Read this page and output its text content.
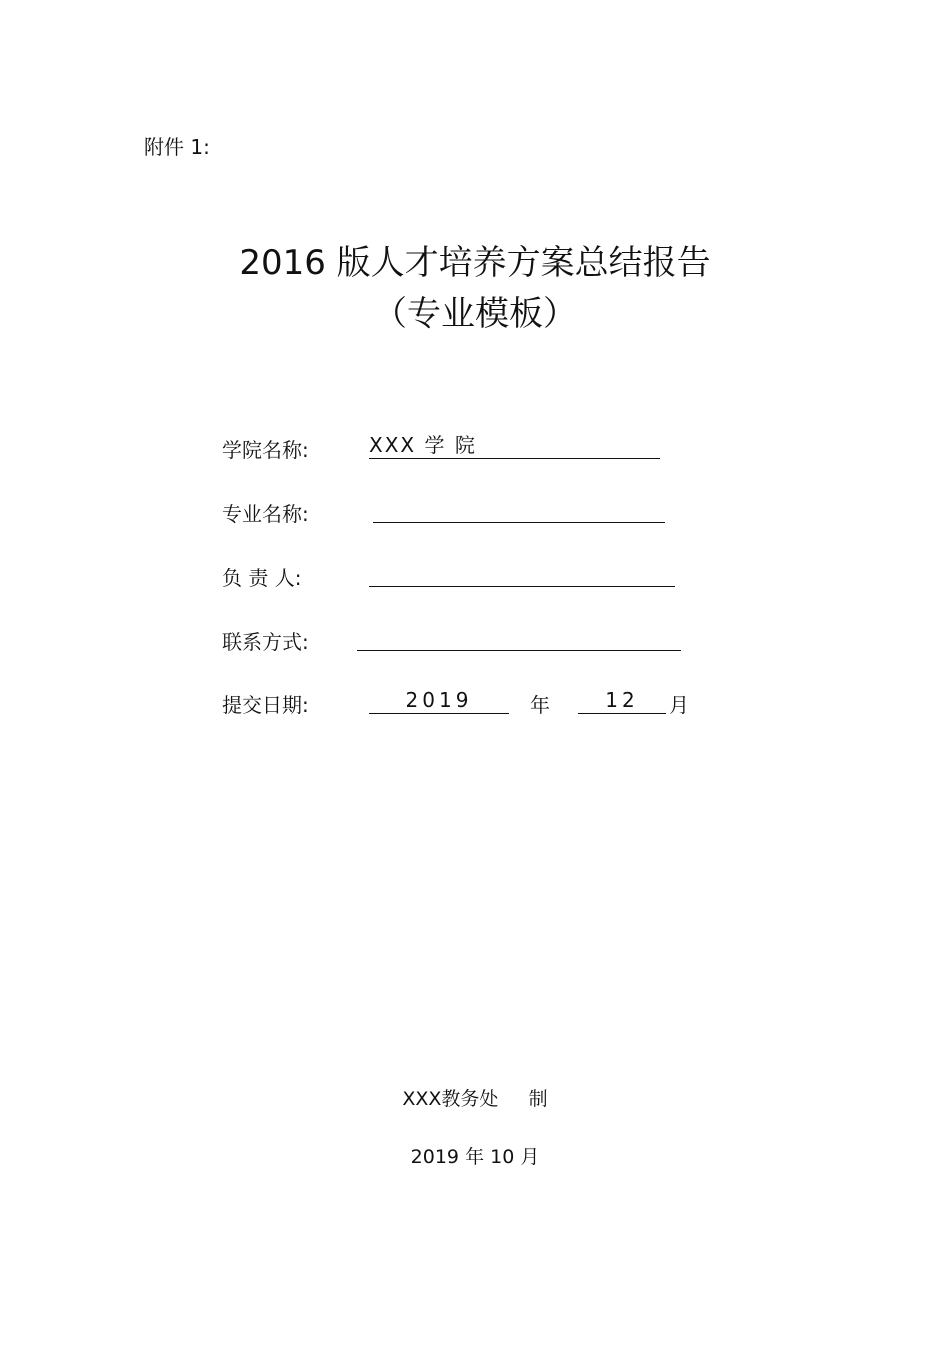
附件 1:
2016 版人才培养方案总结报告
（专业模板）
学院名称:	XXX 学 院
专业名称:
负 责 人:
联系方式:
提交日期:	2019	年	12	月
XXX教务处     制
2019 年 10 月
